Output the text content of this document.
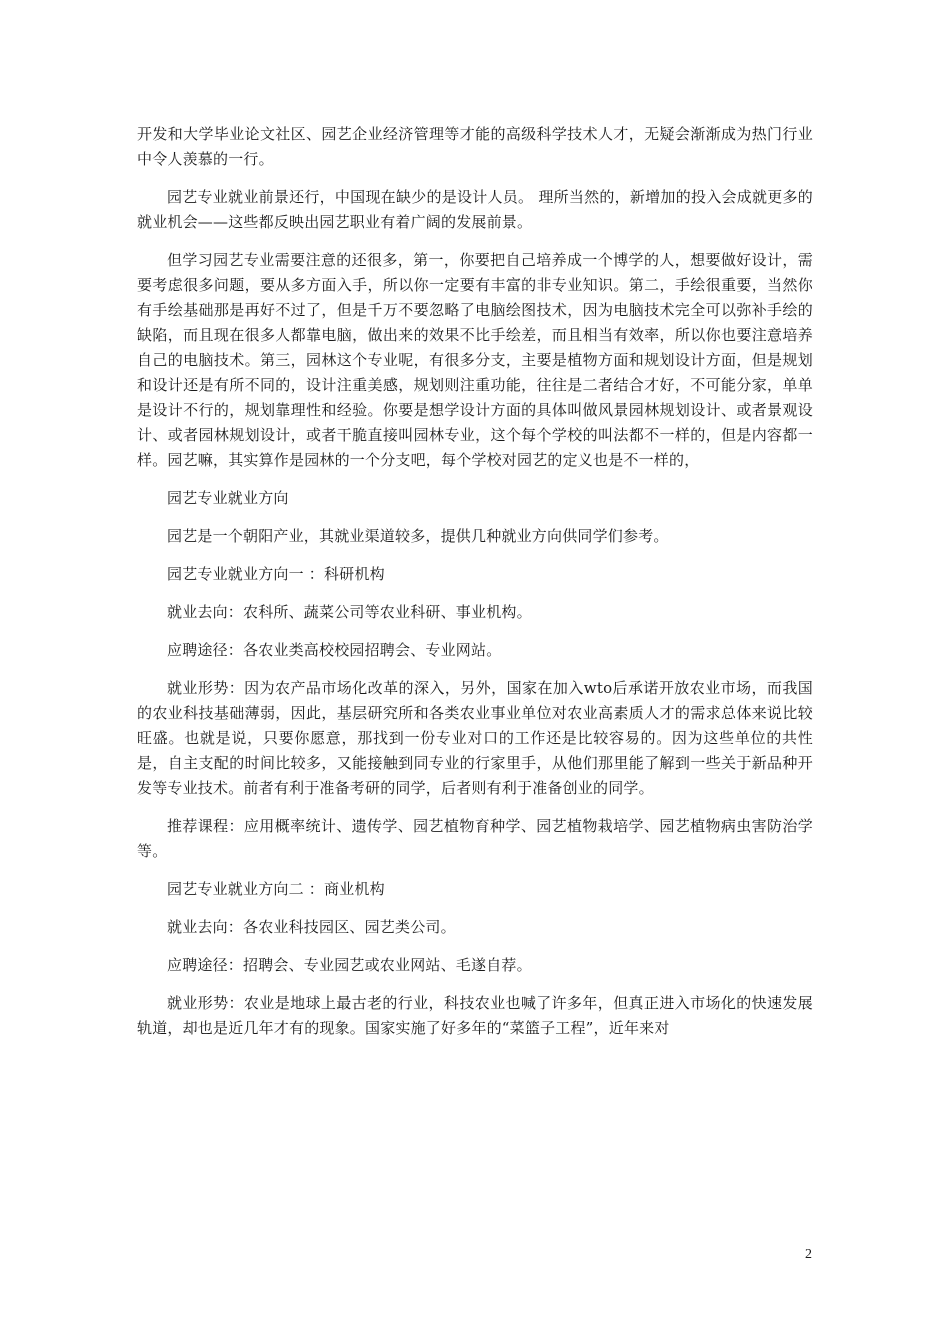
开发和大学毕业论文社区、园艺企业经济管理等才能的高级科学技术人才，无疑会渐渐成为热门行业中令人羡慕的一行。

园艺专业就业前景还行，中国现在缺少的是设计人员。 理所当然的，新增加的投入会成就更多的就业机会——这些都反映出园艺职业有着广阔的发展前景。

但学习园艺专业需要注意的还很多，第一，你要把自己培养成一个博学的人，想要做好设计，需要考虑很多问题，要从多方面入手，所以你一定要有丰富的非专业知识。第二，手绘很重要，当然你有手绘基础那是再好不过了，但是千万不要忽略了电脑绘图技术，因为电脑技术完全可以弥补手绘的缺陷，而且现在很多人都靠电脑，做出来的效果不比手绘差，而且相当有效率，所以你也要注意培养自己的电脑技术。第三，园林这个专业呢，有很多分支，主要是植物方面和规划设计方面，但是规划和设计还是有所不同的，设计注重美感，规划则注重功能，往往是二者结合才好，不可能分家，单单是设计不行的，规划靠理性和经验。你要是想学设计方面的具体叫做风景园林规划设计、或者景观设计、或者园林规划设计，或者干脆直接叫园林专业，这个每个学校的叫法都不一样的，但是内容都一样。园艺嘛，其实算作是园林的一个分支吧，每个学校对园艺的定义也是不一样的，

园艺专业就业方向

园艺是一个朝阳产业，其就业渠道较多，提供几种就业方向供同学们参考。

园艺专业就业方向一 ：科研机构

就业去向：农科所、蔬菜公司等农业科研、事业机构。

应聘途径：各农业类高校校园招聘会、专业网站。

就业形势：因为农产品市场化改革的深入，另外，国家在加入wto后承诺开放农业市场，而我国的农业科技基础薄弱，因此，基层研究所和各类农业事业单位对农业高素质人才的需求总体来说比较旺盛。也就是说，只要你愿意，那找到一份专业对口的工作还是比较容易的。因为这些单位的共性是，自主支配的时间比较多，又能接触到同专业的行家里手，从他们那里能了解到一些关于新品种开发等专业技术。前者有利于准备考研的同学，后者则有利于准备创业的同学。

推荐课程：应用概率统计、遗传学、园艺植物育种学、园艺植物栽培学、园艺植物病虫害防治学等。

园艺专业就业方向二 ：商业机构

就业去向：各农业科技园区、园艺类公司。

应聘途径：招聘会、专业园艺或农业网站、毛遂自荐。

就业形势：农业是地球上最古老的行业，科技农业也喊了许多年，但真正进入市场化的快速发展轨道，却也是近几年才有的现象。国家实施了好多年的“菜篮子工程”，近年来对

2
